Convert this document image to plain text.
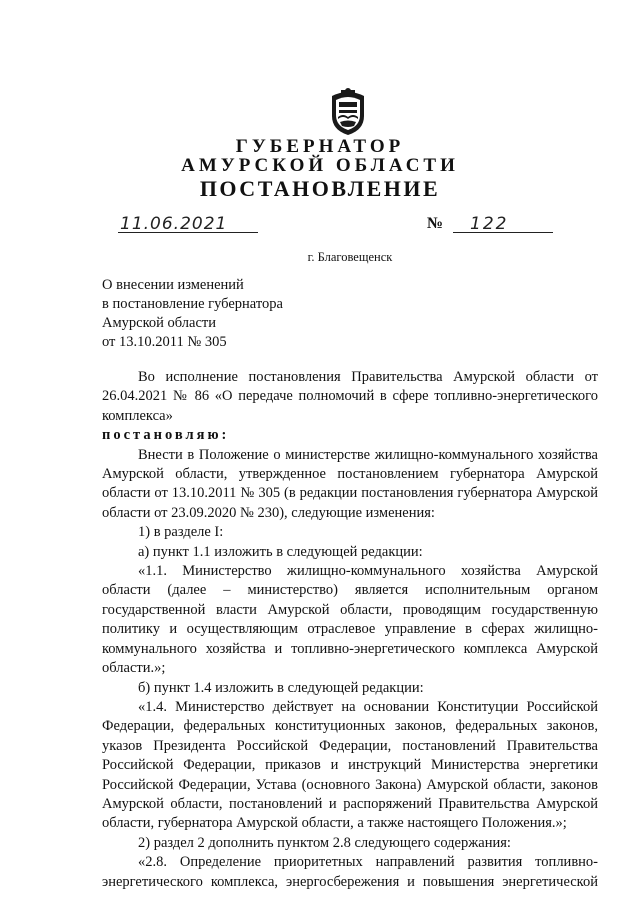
ГУБЕРНАТОР
АМУРСКОЙ ОБЛАСТИ
ПОСТАНОВЛЕНИЕ
11.06.2021	№ 122
г. Благовещенск
О внесении изменений
в постановление губернатора
Амурской области
от 13.10.2011 № 305
Во исполнение постановления Правительства Амурской области от
26.04.2021 № 86 «О передаче полномочий в сфере топливно-энергетического
комплекса»
постановляю:
Внести в Положение о министерстве жилищно-коммунального хозяйства
Амурской области, утвержденное постановлением губернатора Амурской
области от 13.10.2011 № 305 (в редакции постановления губернатора Амурской
области от 23.09.2020 № 230), следующие изменения:
1) в разделе I:
а) пункт 1.1 изложить в следующей редакции:
«1.1. Министерство жилищно-коммунального хозяйства Амурской
области (далее – министерство) является исполнительным органом
государственной власти Амурской области, проводящим государственную
политику и осуществляющим отраслевое управление в сферах жилищно-
коммунального хозяйства и топливно-энергетического комплекса Амурской
области.»;
б) пункт 1.4 изложить в следующей редакции:
«1.4. Министерство действует на основании Конституции Российской
Федерации, федеральных конституционных законов, федеральных законов,
указов Президента Российской Федерации, постановлений Правительства
Российской Федерации, приказов и инструкций Министерства энергетики
Российской Федерации, Устава (основного Закона) Амурской области, законов
Амурской области, постановлений и распоряжений Правительства Амурской
области, губернатора Амурской области, а также настоящего Положения.»;
2) раздел 2 дополнить пунктом 2.8 следующего содержания:
«2.8. Определение приоритетных направлений развития топливно-
энергетического комплекса, энергосбережения и повышения энергетической
